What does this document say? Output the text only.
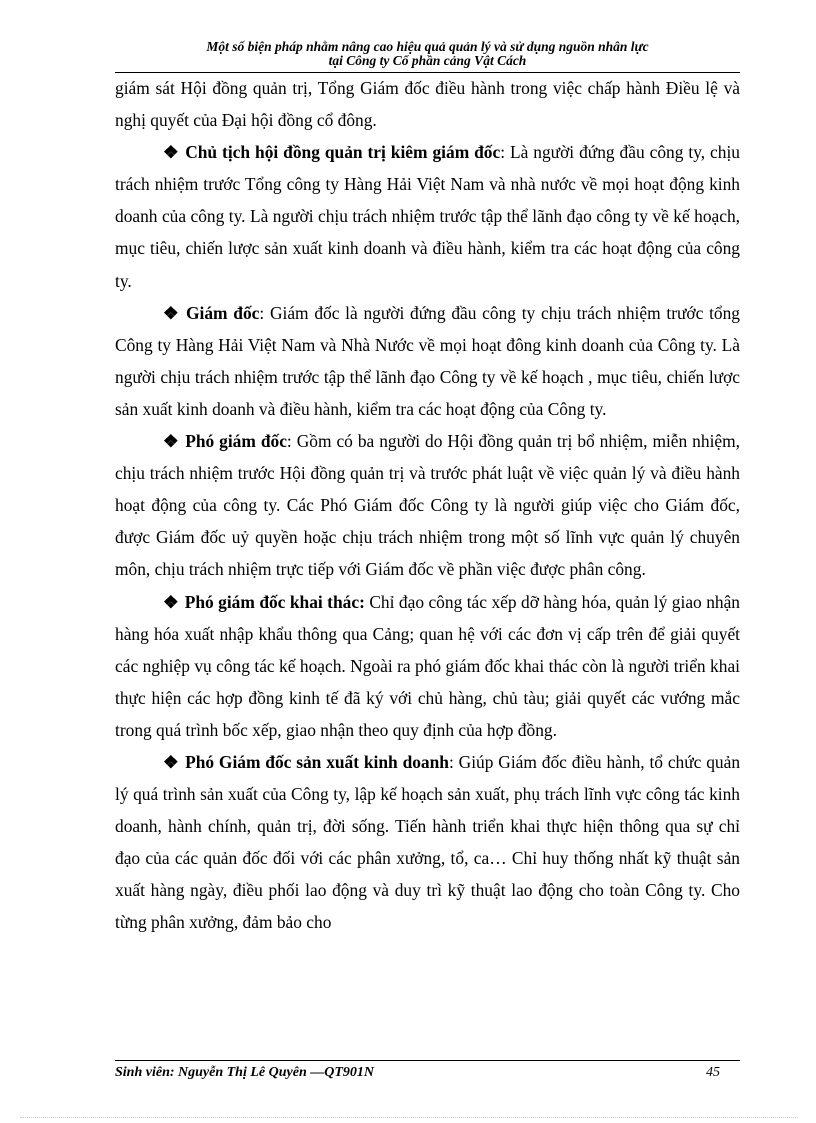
Một số biện pháp nhằm nâng cao hiệu quả quản lý và sử dụng nguồn nhân lực
tại Công ty Cổ phần cảng Vật Cách

giám sát Hội đồng quản trị, Tổng Giám đốc điều hành trong việc chấp hành Điều lệ và nghị quyết của Đại hội đồng cổ đông.

❖ Chủ tịch hội đồng quản trị kiêm giám đốc: Là người đứng đầu công ty, chịu trách nhiệm trước Tổng công ty Hàng Hải Việt Nam và nhà nước về mọi hoạt động kinh doanh của công ty. Là người chịu trách nhiệm trước tập thể lãnh đạo công ty về kế hoạch, mục tiêu, chiến lược sản xuất kinh doanh và điều hành, kiểm tra các hoạt động của công ty.

❖ Giám đốc: Giám đốc là người đứng đầu công ty chịu trách nhiệm trước tổng Công ty Hàng Hải Việt Nam và Nhà Nước về mọi hoạt đông kinh doanh của Công ty. Là người chịu trách nhiệm trước tập thể lãnh đạo Công ty về kế hoạch , mục tiêu, chiến lược sản xuất kinh doanh và điều hành, kiểm tra các hoạt động của Công ty.

❖ Phó giám đốc: Gồm có ba người do Hội đồng quản trị bổ nhiệm, miễn nhiệm, chịu trách nhiệm trước Hội đồng quản trị và trước phát luật về việc quản lý và điều hành hoạt động của công ty. Các Phó Giám đốc Công ty là người giúp việc cho Giám đốc, được Giám đốc uỷ quyền hoặc chịu trách nhiệm trong một số lĩnh vực quản lý chuyên môn, chịu trách nhiệm trực tiếp với Giám đốc về phần việc được phân công.

❖ Phó giám đốc khai thác: Chỉ đạo công tác xếp dỡ hàng hóa, quản lý giao nhận hàng hóa xuất nhập khẩu thông qua Cảng; quan hệ với các đơn vị cấp trên để giải quyết các nghiệp vụ công tác kế hoạch. Ngoài ra phó giám đốc khai thác còn là người triển khai thực hiện các hợp đồng kinh tế đã ký với chủ hàng, chủ tàu; giải quyết các vướng mắc trong quá trình bốc xếp, giao nhận theo quy định của hợp đồng.

❖ Phó Giám đốc sản xuất kinh doanh: Giúp Giám đốc điều hành, tổ chức quản lý quá trình sản xuất của Công ty, lập kế hoạch sản xuất, phụ trách lĩnh vực công tác kinh doanh, hành chính, quản trị, đời sống. Tiến hành triển khai thực hiện thông qua sự chỉ đạo của các quản đốc đối với các phân xưởng, tổ, ca… Chỉ huy thống nhất kỹ thuật sản xuất hàng ngày, điều phối lao động và duy trì kỹ thuật lao động cho toàn Công ty. Cho từng phân xưởng, đảm bảo cho

Sinh viên: Nguyễn Thị Lê Quyên —QT901N	45
